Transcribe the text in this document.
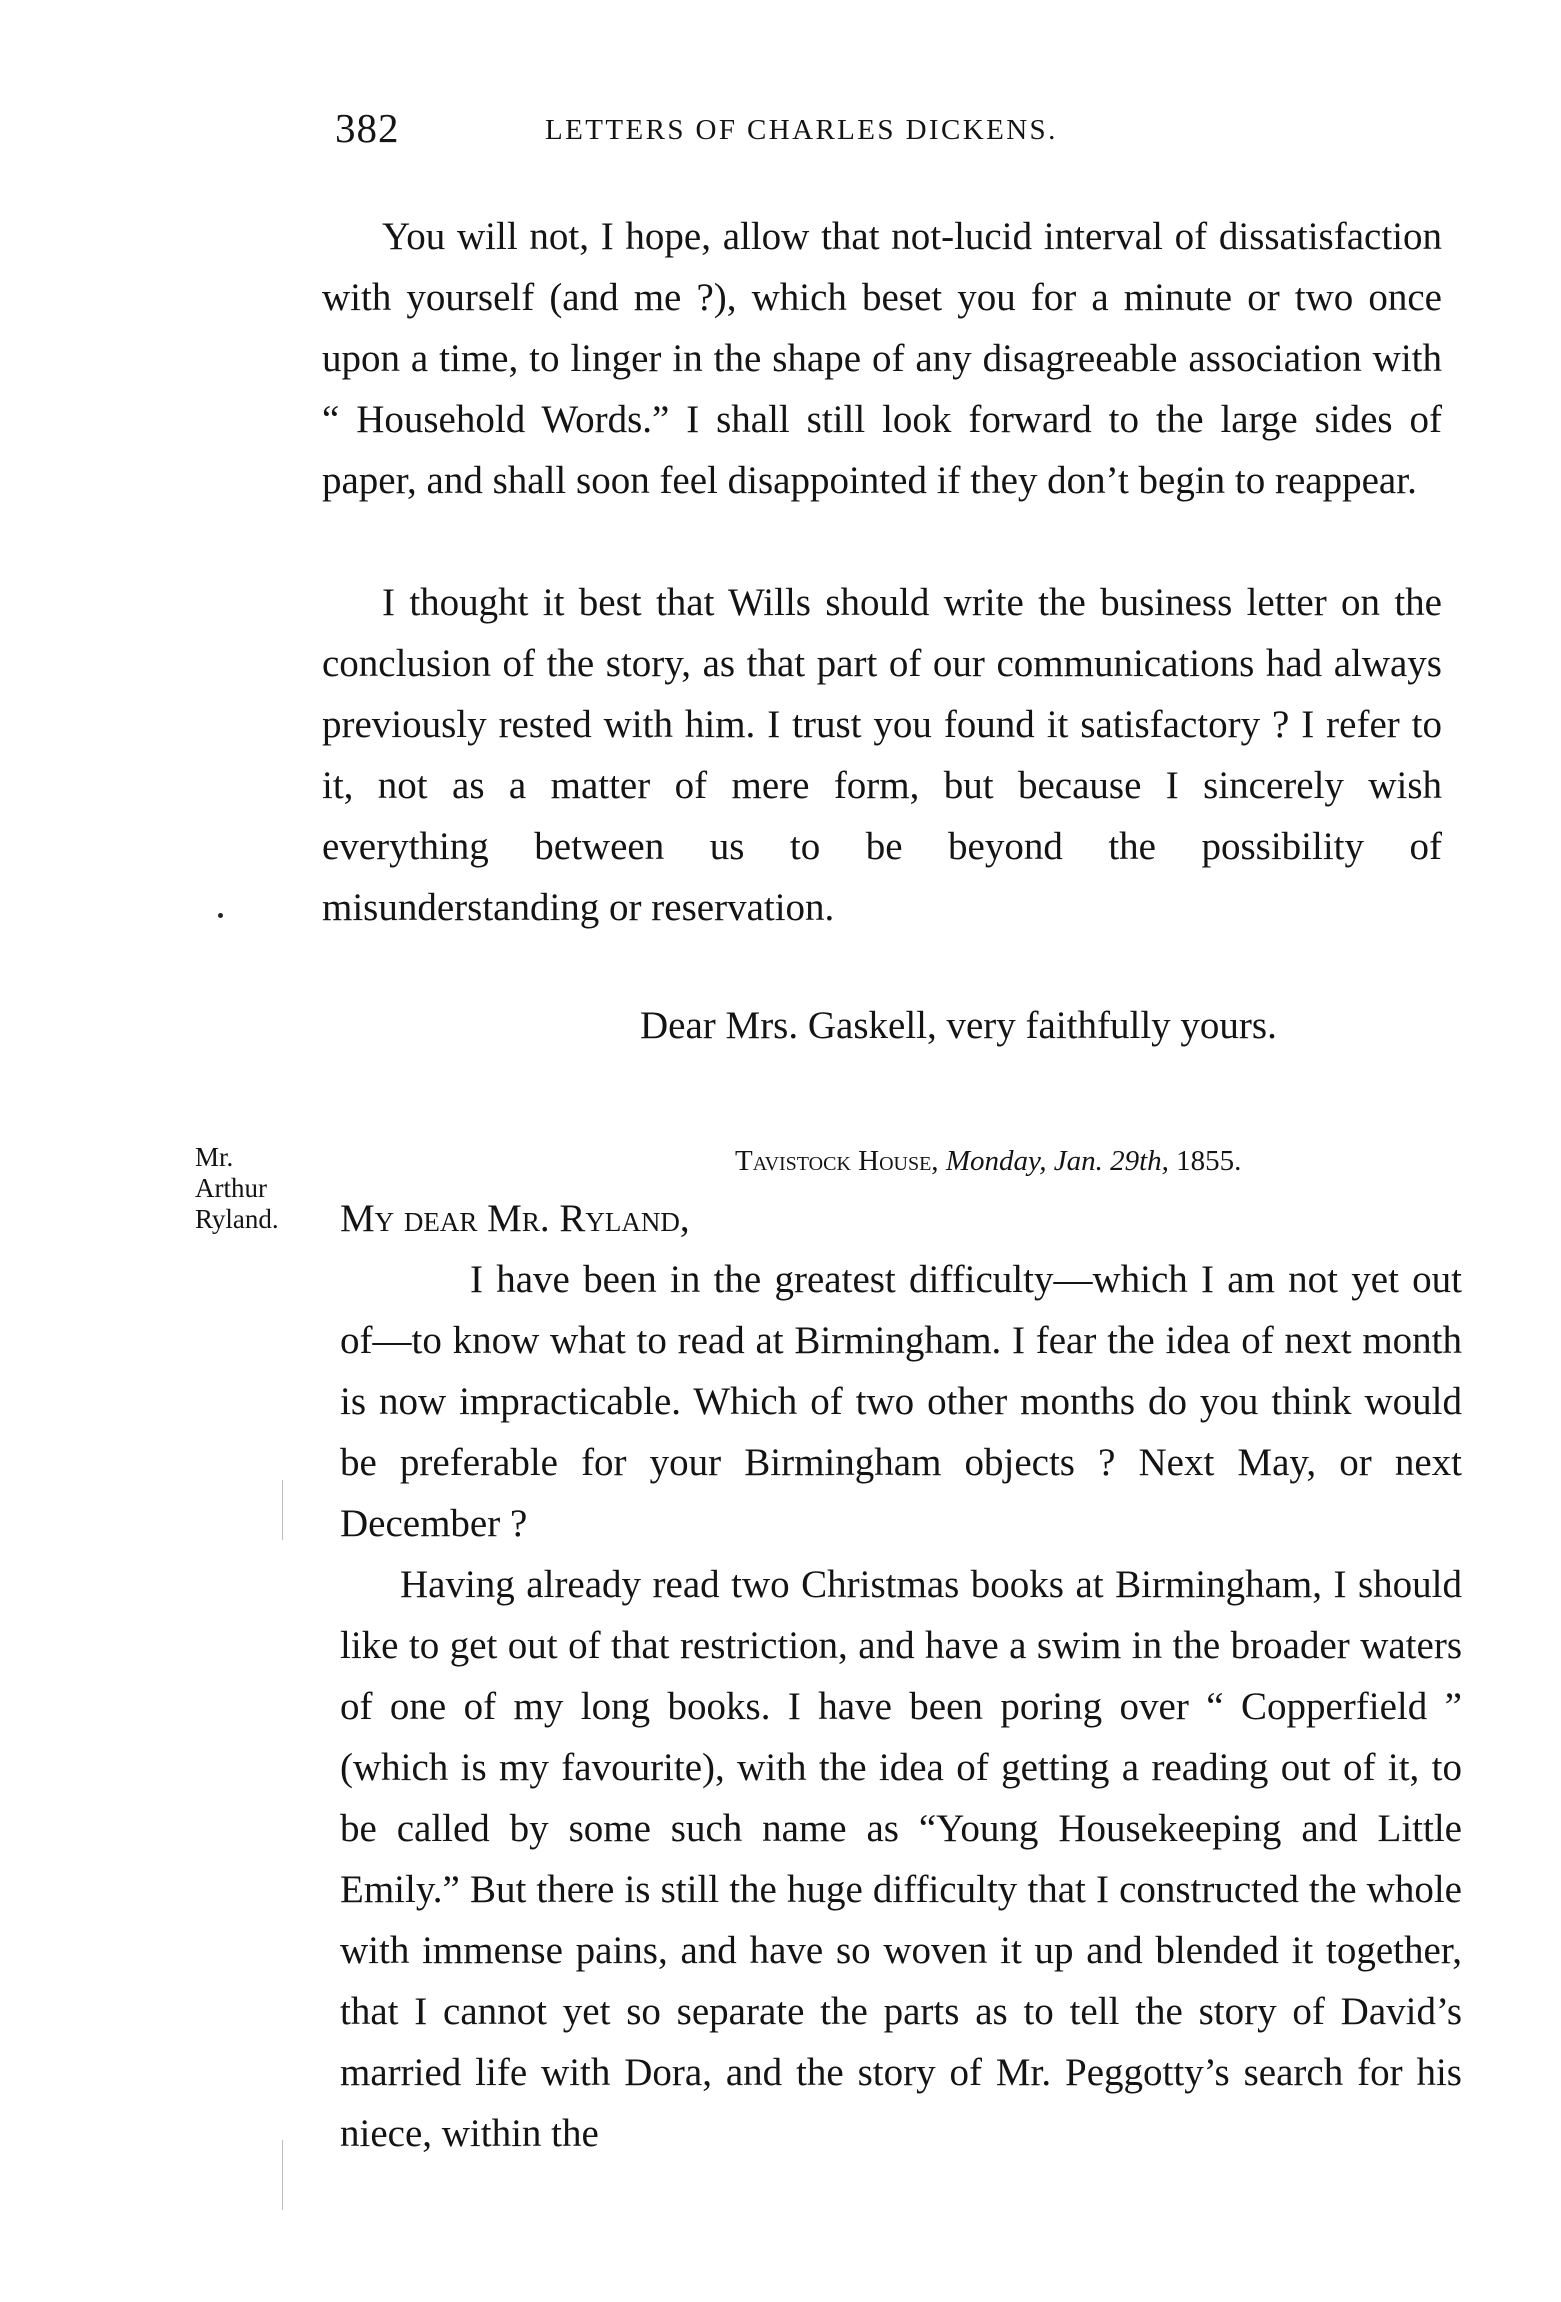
382	LETTERS OF CHARLES DICKENS.

You will not, I hope, allow that not-lucid interval of dissatisfaction with yourself (and me ?), which beset you for a minute or two once upon a time, to linger in the shape of any disagreeable association with “ Household Words.” I shall still look forward to the large sides of paper, and shall soon feel disappointed if they don’t begin to reappear.

I thought it best that Wills should write the business letter on the conclusion of the story, as that part of our communications had always previously rested with him. I trust you found it satisfactory ? I refer to it, not as a matter of mere form, but because I sincerely wish everything between us to be beyond the possibility of misunderstanding or reservation.

Dear Mrs. Gaskell, very faithfully yours.
Mr.
Arthur
Ryland.
Tavistock House, Monday, Jan. 29th, 1855.
My dear Mr. Ryland,

I have been in the greatest difficulty—which I am not yet out of—to know what to read at Birmingham. I fear the idea of next month is now impracticable. Which of two other months do you think would be preferable for your Birmingham objects ? Next May, or next December ?

Having already read two Christmas books at Birmingham, I should like to get out of that restriction, and have a swim in the broader waters of one of my long books. I have been poring over “ Copperfield ” (which is my favourite), with the idea of getting a reading out of it, to be called by some such name as “Young Housekeeping and Little Emily.” But there is still the huge difficulty that I constructed the whole with immense pains, and have so woven it up and blended it together, that I cannot yet so separate the parts as to tell the story of David’s married life with Dora, and the story of Mr. Peggotty’s search for his niece, within the
